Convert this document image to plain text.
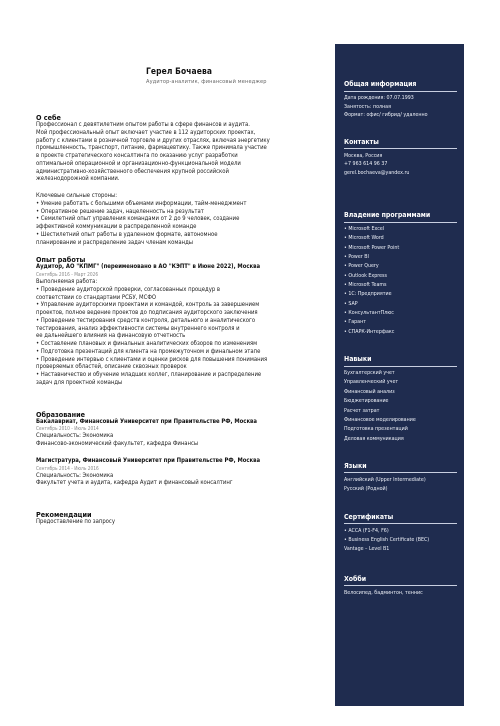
Герел Бочаева
Аудитор-аналитик, финансовый менеджер
О себе
Профессионал с девятилетним опытом работы в сфере финансов и аудита.
Мой профессиональный опыт включает участие в 112 аудиторских проектах,
работу с клиентами в розничной торговле и других отраслях, включая энергетику
промышленность, транспорт, питание, фармацевтику. Также принимала участие
в проекте стратегического консалтинга по оказанию услуг разработки
оптимальной операционной и организационно-функциональной модели
административно-хозяйственного обеспечения крупной российской
железнодорожной компании.
Ключевые сильные стороны:
• Умение работать с большими объемами информации, тайм-менеджмент
• Оперативное решение задач, нацеленность на результат
• Семилетний опыт управления командами от 2 до 9 человек, создание
эффективной коммуникации в распределенной команде
• Шестилетний опыт работы в удаленном формате, автономное
планирование и распределение задач членам команды
Опыт работы
Аудитор, АО "КПМГ" (переименовано в АО "КЭПТ" в Июне 2022), Москва
Сентябрь 2016 - Март 2026
Выполняемая работа:
• Проведение аудиторской проверки, согласованных процедур в
соответствии со стандартами РСБУ, МСФО
• Управление аудиторскими проектами и командой, контроль за завершением
проектов, полное ведение проектов до подписания аудиторского заключения
• Проведение тестирования средств контроля, детального и аналитического
тестирования, анализ эффективности системы внутреннего контроля и
ее дальнейшего влияния на финансовую отчетность
• Составление плановых и финальных аналитических обзоров по изменениям
• Подготовка презентаций для клиента на промежуточном и финальном этапе
• Проведение интервью с клиентами и оценки рисков для повышения понимания
проверяемых областей, описание сквозных проверок
• Наставничество и обучение младших коллег, планирование и распределение
задач для проектной команды
Образование
Бакалавриат, Финансовый Университет при Правительстве РФ, Москва
Сентябрь 2010 - Июль 2014
Специальность: Экономика
Финансово-экономический факультет, кафедра Финансы
Магистратура, Финансовый Университет при Правительстве РФ, Москва
Сентябрь 2014 - Июль 2016
Специальность: Экономика
Факультет учета и аудита, кафедра Аудит и финансовый консалтинг
Рекомендации
Предоставление по запросу
Общая информация
Дата рождения: 07.07.1993
Занятость: полная
Формат: офис/ гибрид/ удаленно
Контакты
Москва, Россия
+7 963 614 96 37
gerel.bochaeva@yandex.ru
Владение программами
• Microsoft Excel
• Microsoft Word
• Microsoft Power Point
• Power BI
• Power Query
• Outlook Express
• Microsoft Teams
• 1С: Предприятие
• SAP
• КонсультантПлюс
• Гарант
• СПАРК-Интерфакс
Навыки
Бухгалтерский учет
Управленческий учет
Финансовый анализ
Бюджетирование
Расчет затрат
Финансовое моделирование
Подготовка презентаций
Деловая коммуникация
Языки
Английский (Upper Intermediate)
Русский (Родной)
Сертификаты
• ACCA (F1-F4, F6)
• Business English Certificate (BEC)
Vantage – Level B1
Хобби
Велосипед, бадминтон, теннис
